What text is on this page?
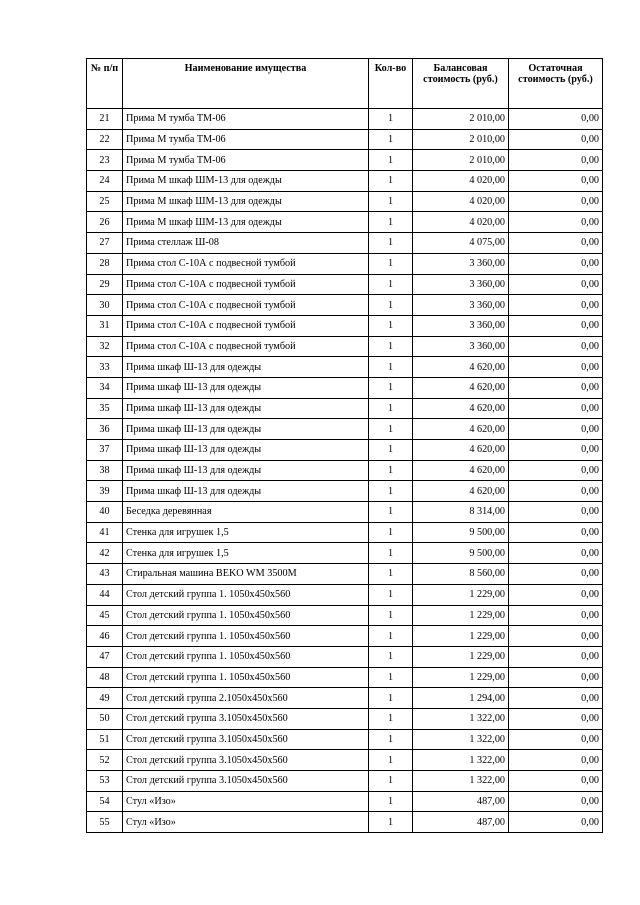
№ п/п	Наименование имущества	Кол-во	Балансовая стоимость (руб.)	Остаточная стоимость (руб.)
21	Прима М тумба ТМ-06	1	2 010,00	0,00
22	Прима М тумба ТМ-06	1	2 010,00	0,00
23	Прима М тумба ТМ-06	1	2 010,00	0,00
24	Прима М шкаф ШМ-13 для одежды	1	4 020,00	0,00
25	Прима М шкаф ШМ-13 для одежды	1	4 020,00	0,00
26	Прима М шкаф ШМ-13 для одежды	1	4 020,00	0,00
27	Прима стеллаж Ш-08	1	4 075,00	0,00
28	Прима стол С-10А с подвесной тумбой	1	3 360,00	0,00
29	Прима стол С-10А с подвесной тумбой	1	3 360,00	0,00
30	Прима стол С-10А с подвесной тумбой	1	3 360,00	0,00
31	Прима стол С-10А с подвесной тумбой	1	3 360,00	0,00
32	Прима стол С-10А с подвесной тумбой	1	3 360,00	0,00
33	Прима шкаф Ш-13 для одежды	1	4 620,00	0,00
34	Прима шкаф Ш-13 для одежды	1	4 620,00	0,00
35	Прима шкаф Ш-13 для одежды	1	4 620,00	0,00
36	Прима шкаф Ш-13 для одежды	1	4 620,00	0,00
37	Прима шкаф Ш-13 для одежды	1	4 620,00	0,00
38	Прима шкаф Ш-13 для одежды	1	4 620,00	0,00
39	Прима шкаф Ш-13 для одежды	1	4 620,00	0,00
40	Беседка деревянная	1	8 314,00	0,00
41	Стенка для игрушек 1,5	1	9 500,00	0,00
42	Стенка для игрушек 1,5	1	9 500,00	0,00
43	Стиральная машина BEKO WM 3500M	1	8 560,00	0,00
44	Стол детский группа 1. 1050х450х560	1	1 229,00	0,00
45	Стол детский группа 1. 1050х450х560	1	1 229,00	0,00
46	Стол детский группа 1. 1050х450х560	1	1 229,00	0,00
47	Стол детский группа 1. 1050х450х560	1	1 229,00	0,00
48	Стол детский группа 1. 1050х450х560	1	1 229,00	0,00
49	Стол детский группа 2.1050х450х560	1	1 294,00	0,00
50	Стол детский группа 3.1050х450х560	1	1 322,00	0,00
51	Стол детский группа 3.1050х450х560	1	1 322,00	0,00
52	Стол детский группа 3.1050х450х560	1	1 322,00	0,00
53	Стол детский группа 3.1050х450х560	1	1 322,00	0,00
54	Стул «Изо»	1	487,00	0,00
55	Стул «Изо»	1	487,00	0,00
